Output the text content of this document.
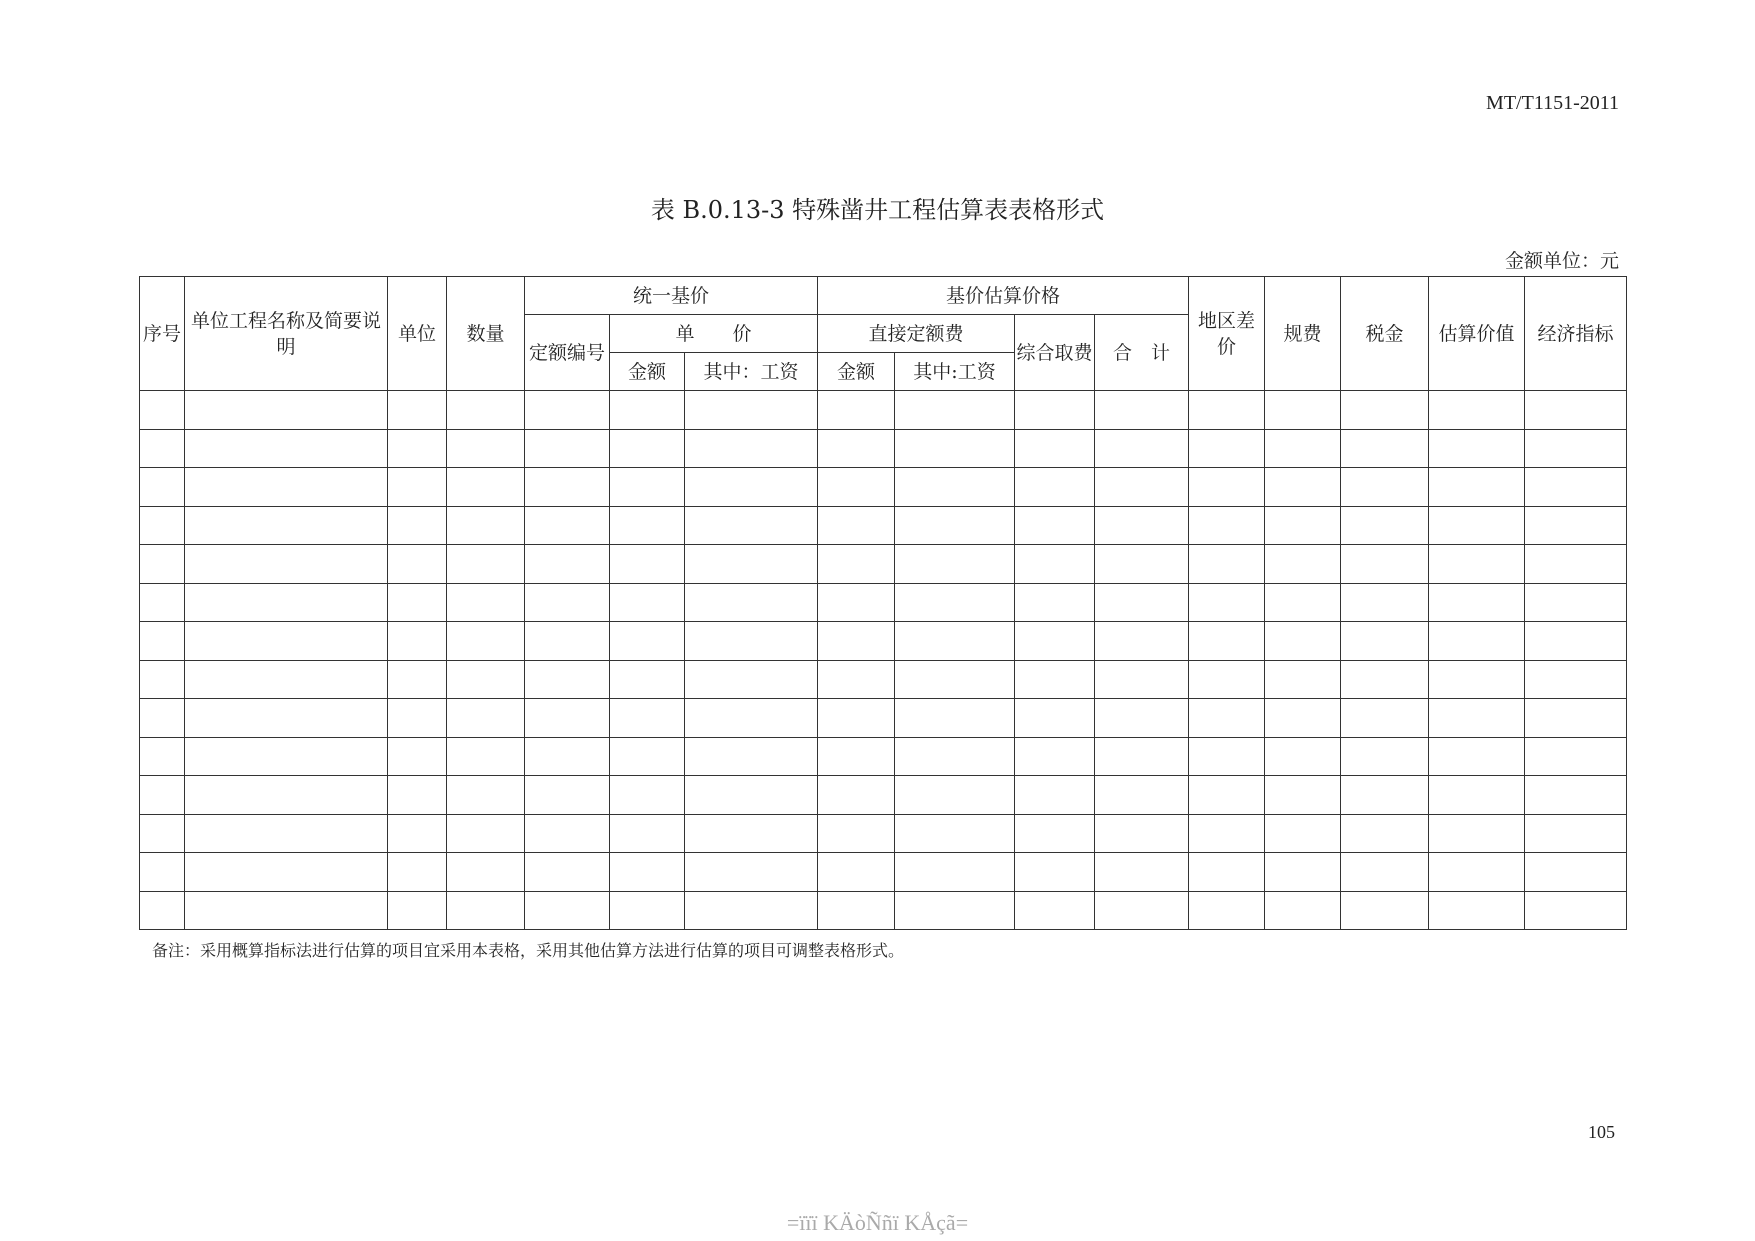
MT/T1151-2011
表 B.0.13-3 特殊凿井工程估算表表格形式
金额单位：元
序号	单位工程名称及简要说明	单位	数量	统一基价			基价估算价格				地区差价	规费	税金	估算价值	经济指标
				定额编号	单　　价		直接定额费		综合取费	合　计					
					金额	其中：工资	金额	其中:工资							

备注：采用概算指标法进行估算的项目宜采用本表格，采用其他估算方法进行估算的项目可调整表格形式。
105
=ïïï KÄòÑñï KÅçã=
